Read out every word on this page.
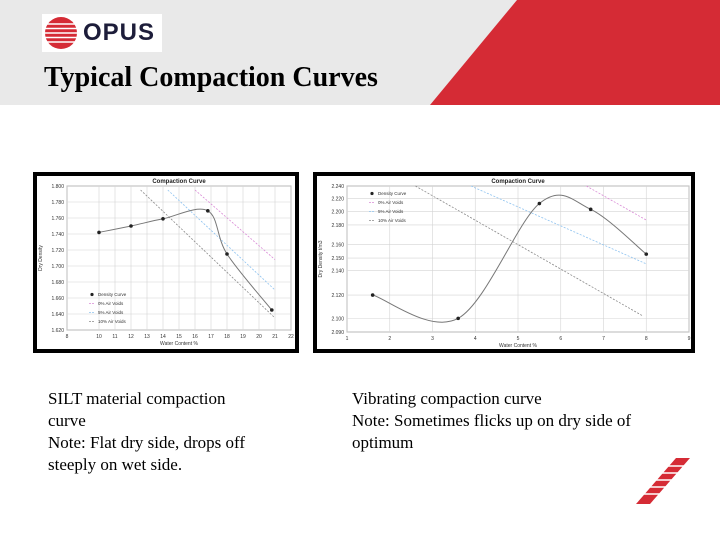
OPUS
Typical Compaction Curves
8	10 11 12 13 14 15 16 17 18 19 20 21 22
1.800
1.780
1.760
1.740
1.720
1.700
1.680
1.660
1.640
1.620
Compaction Curve
Water Content %
Dry Density
Density Curve
0% Air Voids
5% Air Voids
10% Air Voids
1	2	3	4	5	6	7	8	9
2.240
2.220
2.200
2.180
2.160
2.150
2.140
2.120
2.100
2.090
Compaction Curve
Water Content %
Dry Density t/m3
Density Curve
0% Air Voids
5% Air Voids
10% Air Voids
SILT material compaction
curve
Note: Flat dry side, drops off
steeply on wet side.
Vibrating compaction curve
Note: Sometimes flicks up on dry side of
optimum
